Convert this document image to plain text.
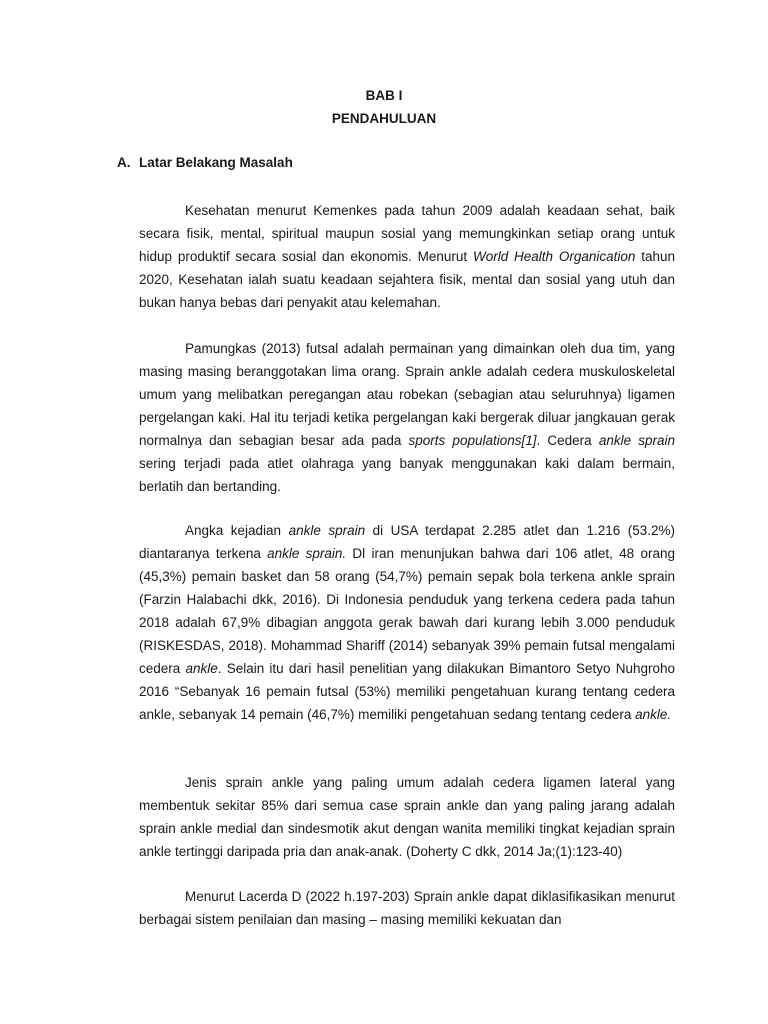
BAB I
PENDAHULUAN
A. Latar Belakang Masalah

Kesehatan menurut Kemenkes pada tahun 2009 adalah keadaan sehat, baik secara fisik, mental, spiritual maupun sosial yang memungkinkan setiap orang untuk hidup produktif secara sosial dan ekonomis. Menurut World Health Organication tahun 2020, Kesehatan ialah suatu keadaan sejahtera fisik, mental dan sosial yang utuh dan bukan hanya bebas dari penyakit atau kelemahan.

Pamungkas (2013) futsal adalah permainan yang dimainkan oleh dua tim, yang masing masing beranggotakan lima orang. Sprain ankle adalah cedera muskuloskeletal umum yang melibatkan peregangan atau robekan (sebagian atau seluruhnya) ligamen pergelangan kaki. Hal itu terjadi ketika pergelangan kaki bergerak diluar jangkauan gerak normalnya dan sebagian besar ada pada sports populations[1]. Cedera ankle sprain sering terjadi pada atlet olahraga yang banyak menggunakan kaki dalam bermain, berlatih dan bertanding.

Angka kejadian ankle sprain di USA terdapat 2.285 atlet dan 1.216 (53.2%) diantaranya terkena ankle sprain. Dl iran menunjukan bahwa dari 106 atlet, 48 orang (45,3%) pemain basket dan 58 orang (54,7%) pemain sepak bola terkena ankle sprain (Farzin Halabachi dkk, 2016). Di Indonesia penduduk yang terkena cedera pada tahun 2018 adalah 67,9% dibagian anggota gerak bawah dari kurang lebih 3.000 penduduk (RISKESDAS, 2018). Mohammad Shariff (2014) sebanyak 39% pemain futsal mengalami cedera ankle. Selain itu dari hasil penelitian yang dilakukan Bimantoro Setyo Nuhgroho 2016 “Sebanyak 16 pemain futsal (53%) memiliki pengetahuan kurang tentang cedera ankle, sebanyak 14 pemain (46,7%) memiliki pengetahuan sedang tentang cedera ankle.

Jenis sprain ankle yang paling umum adalah cedera ligamen lateral yang membentuk sekitar 85% dari semua case sprain ankle dan yang paling jarang adalah sprain ankle medial dan sindesmotik akut dengan wanita memiliki tingkat kejadian sprain ankle tertinggi daripada pria dan anak-anak. (Doherty C dkk, 2014 Ja;(1):123-40)

Menurut Lacerda D (2022 h.197-203) Sprain ankle dapat diklasifikasikan menurut berbagai sistem penilaian dan masing – masing memiliki kekuatan dan
